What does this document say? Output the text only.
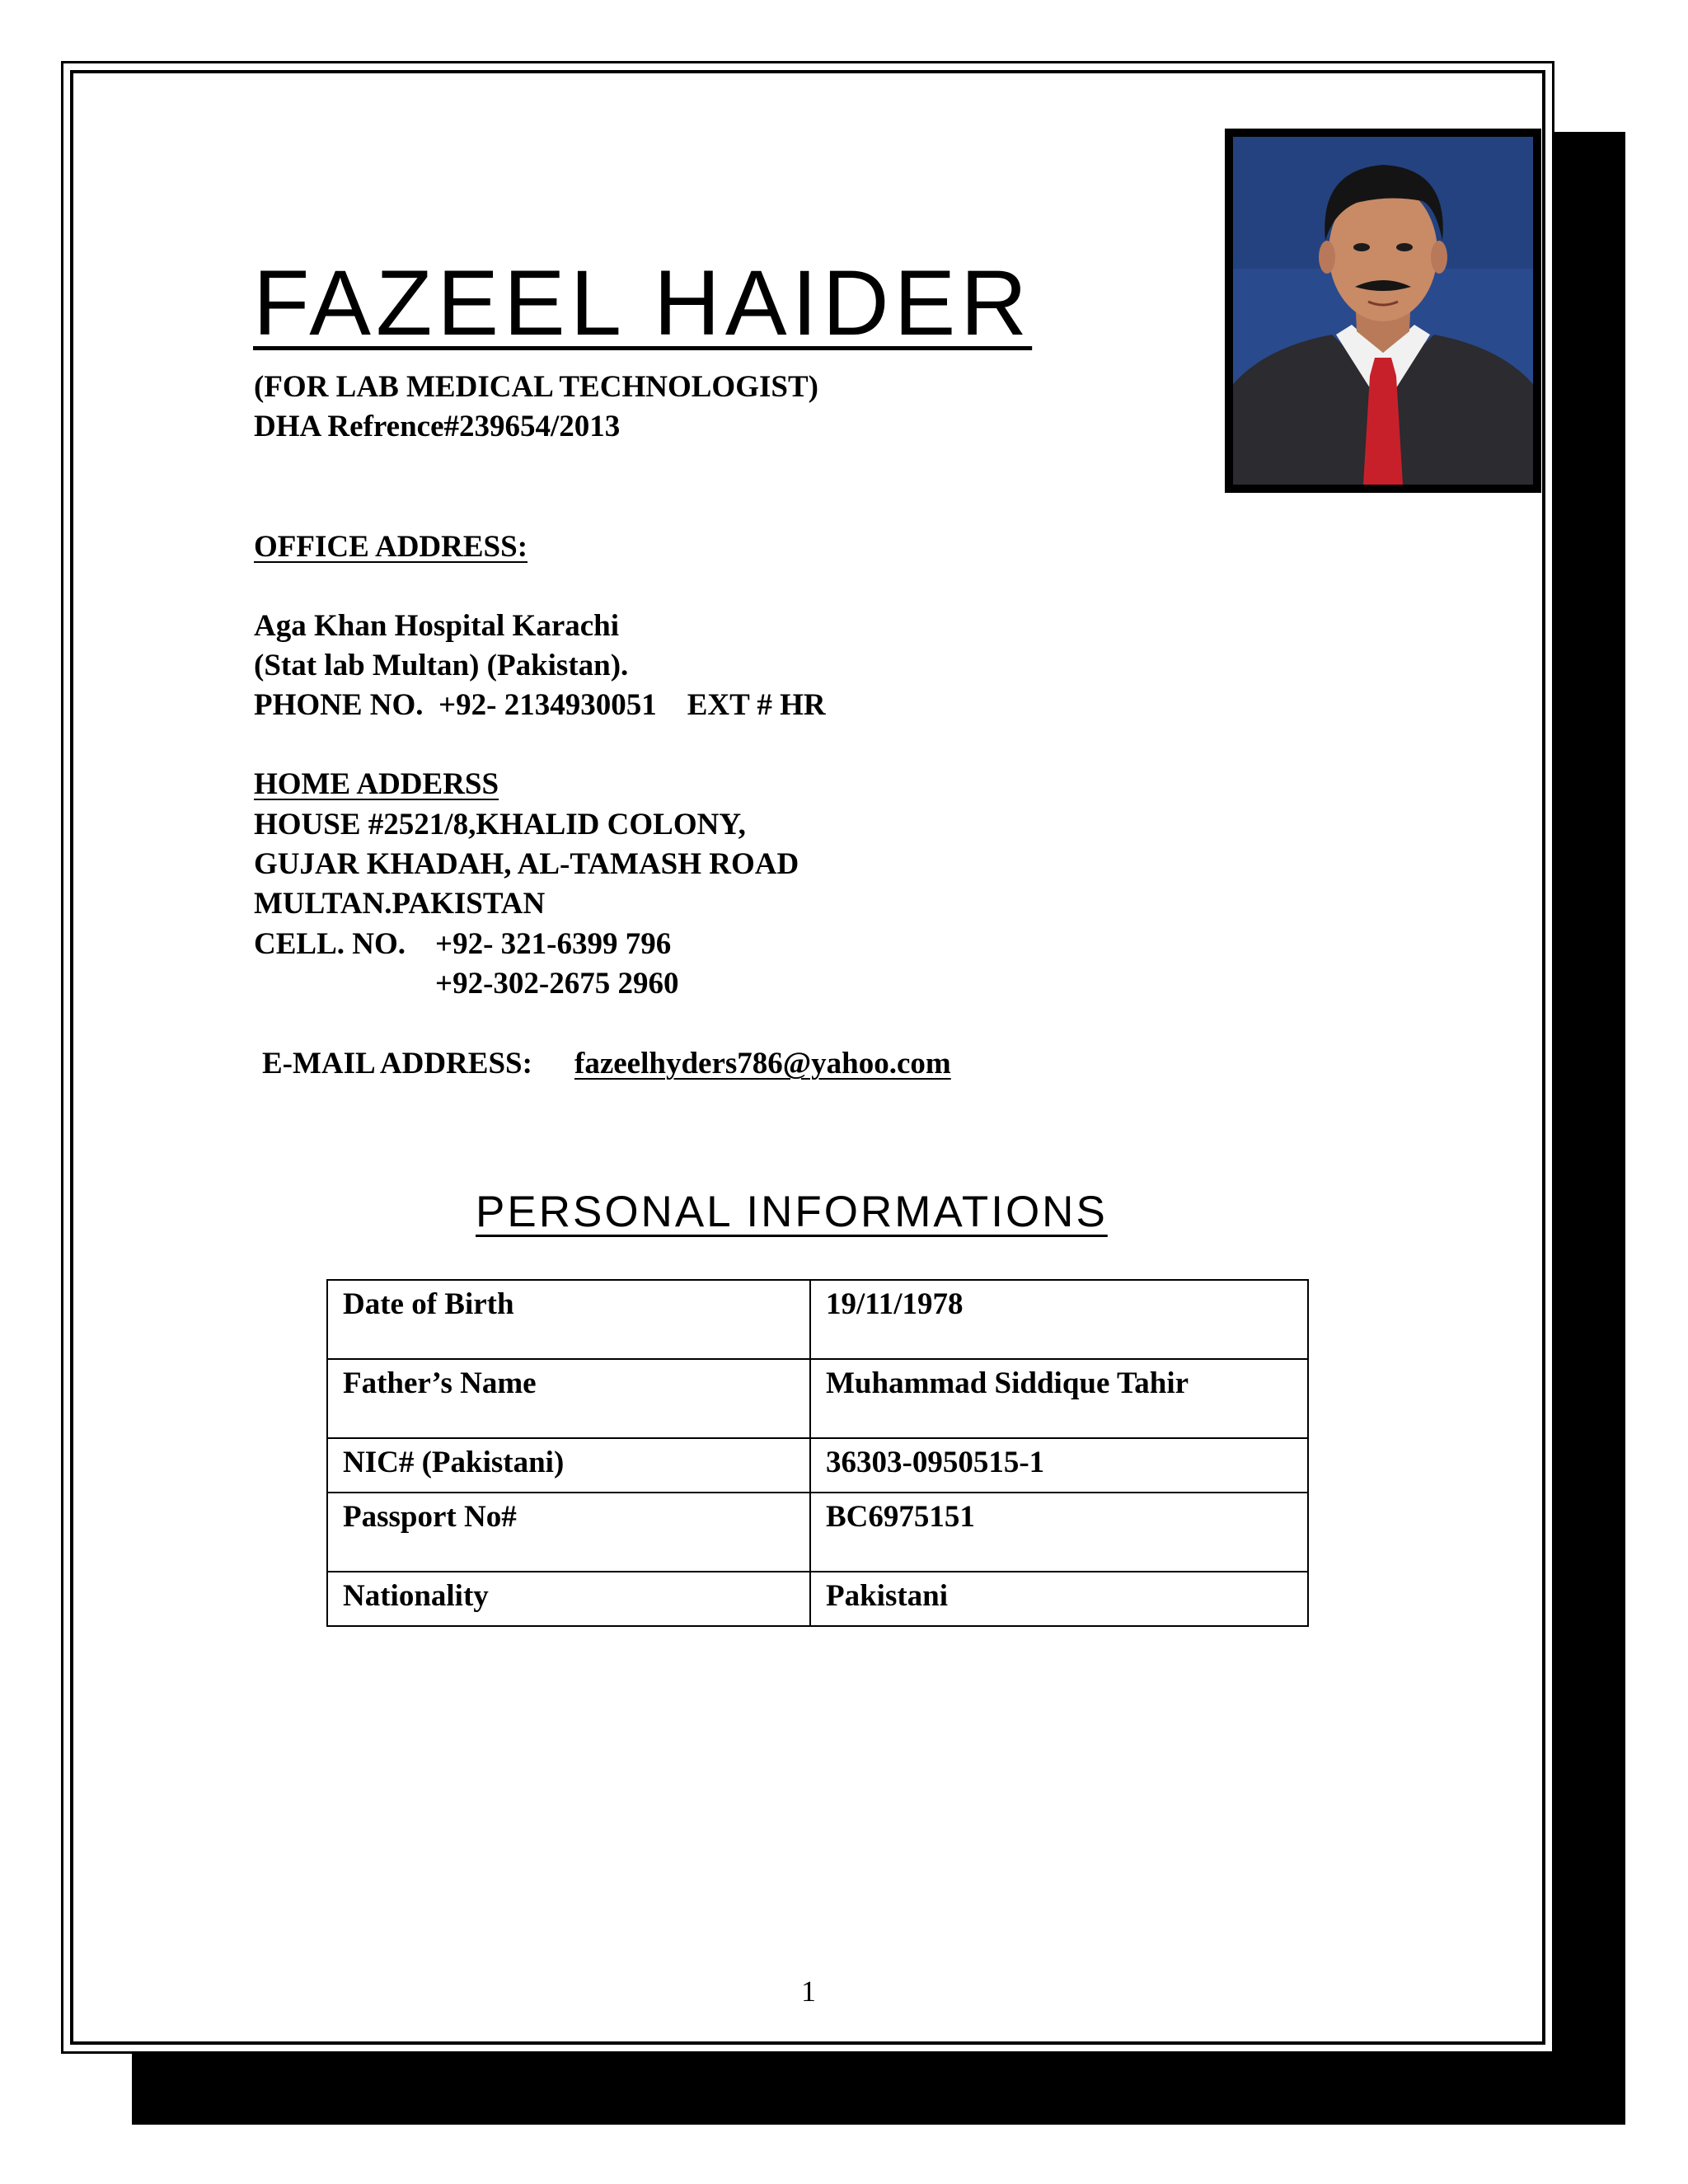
FAZEEL HAIDER
(FOR LAB MEDICAL TECHNOLOGIST)
DHA Refrence#239654/2013
OFFICE ADDRESS:
Aga Khan Hospital Karachi
(Stat lab Multan) (Pakistan).
PHONE NO.  +92- 2134930051    EXT # HR
HOME ADDERSS
HOUSE #2521/8,KHALID COLONY,
GUJAR KHADAH, AL-TAMASH ROAD
MULTAN.PAKISTAN
CELL. NO. +92- 321-6399 796
+92-302-2675 2960
E-MAIL ADDRESS: fazeelhyders786@yahoo.com
PERSONAL INFORMATIONS
Date of Birth	19/11/1978
Father’s Name	Muhammad Siddique Tahir
NIC# (Pakistani)	36303-0950515-1
Passport No#	BC6975151
Nationality	Pakistani
1
